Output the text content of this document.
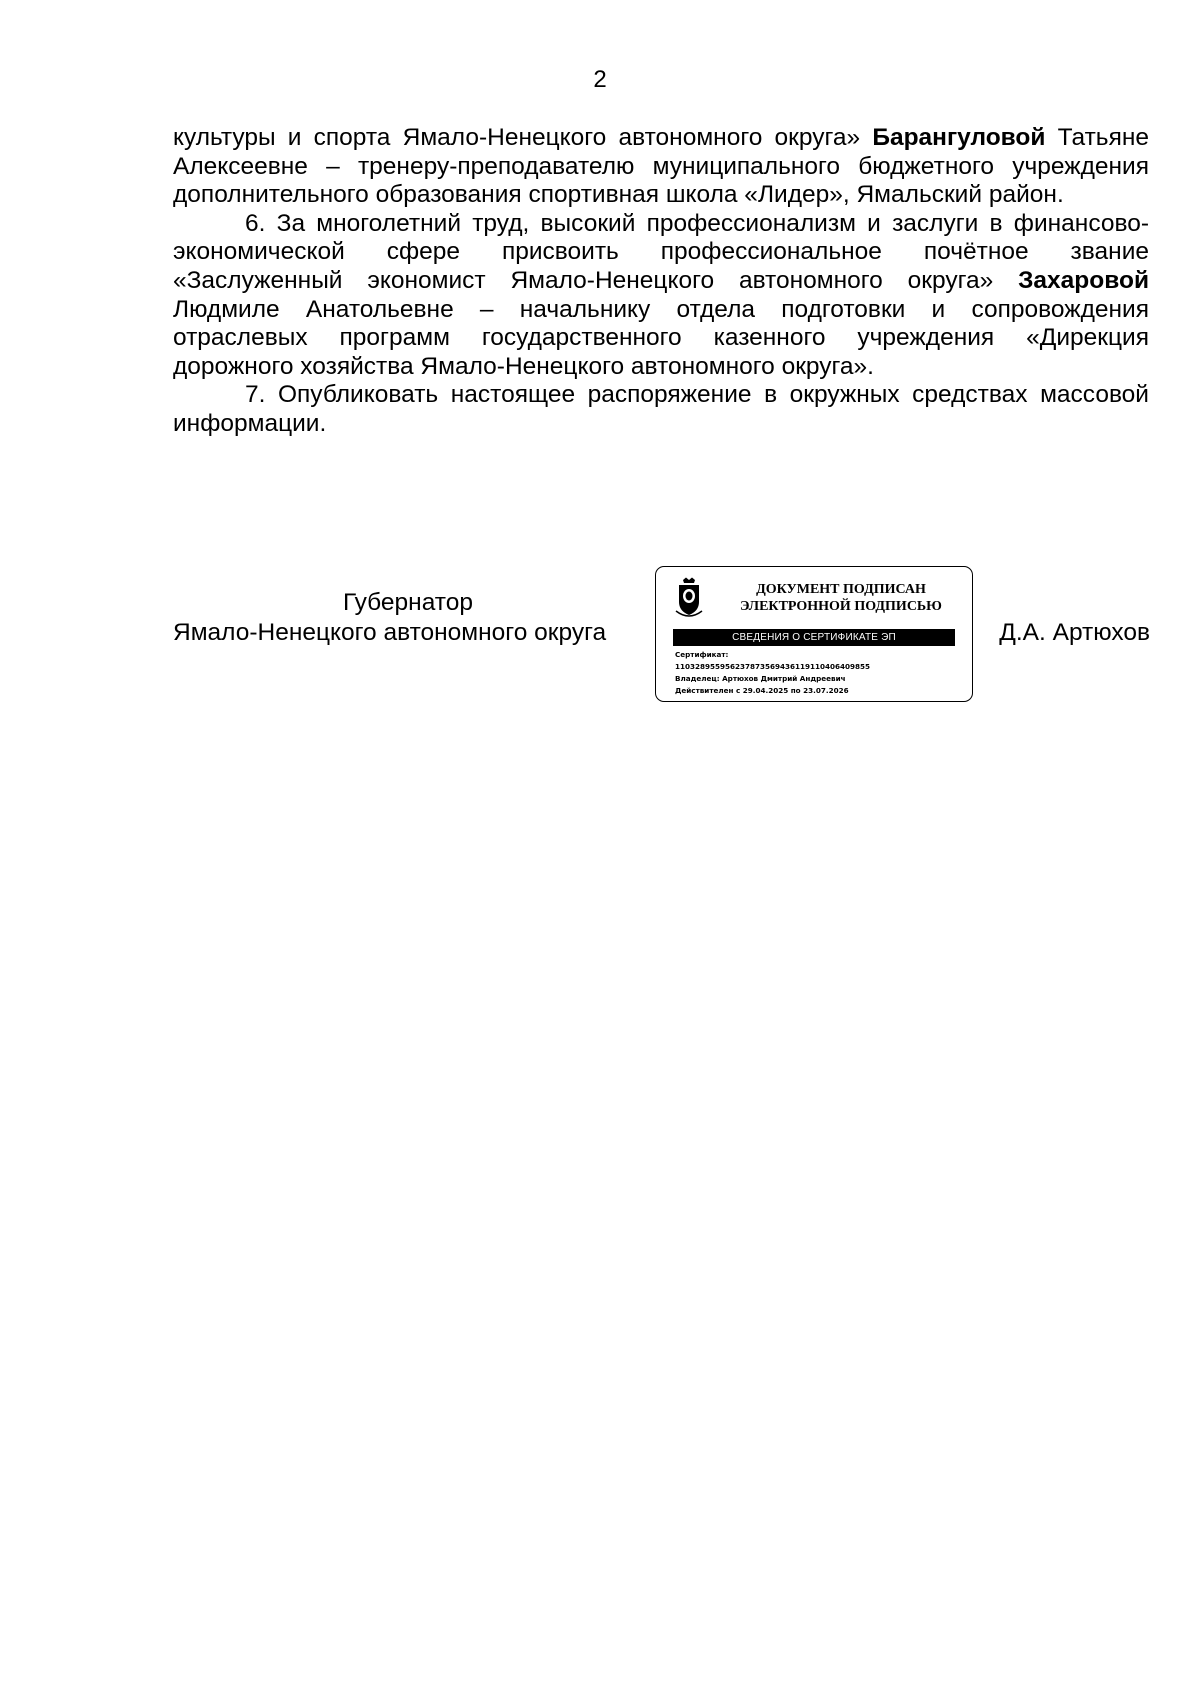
2

культуры и спорта Ямало-Ненецкого автономного округа» Барангуловой Татьяне Алексеевне – тренеру-преподавателю муниципального бюджетного учреждения дополнительного образования спортивная школа «Лидер», Ямальский район.

6. За многолетний труд, высокий профессионализм и заслуги в финансово-экономической сфере присвоить профессиональное почётное звание «Заслуженный экономист Ямало-Ненецкого автономного округа» Захаровой Людмиле Анатольевне – начальнику отдела подготовки и сопровождения отраслевых программ государственного казенного учреждения «Дирекция дорожного хозяйства Ямало-Ненецкого автономного округа».

7. Опубликовать настоящее распоряжение в окружных средствах массовой информации.

Губернатор
Ямало-Ненецкого автономного округа
ДОКУМЕНТ ПОДПИСАН
ЭЛЕКТРОННОЙ ПОДПИСЬЮ
СВЕДЕНИЯ О СЕРТИФИКАТЕ ЭП
Сертификат:
11032895595623787356943611911040640985​5
Владелец: Артюхов Дмитрий Андреевич
Действителен с 29.04.2025 по 23.07.2026
Д.А. Артюхов
